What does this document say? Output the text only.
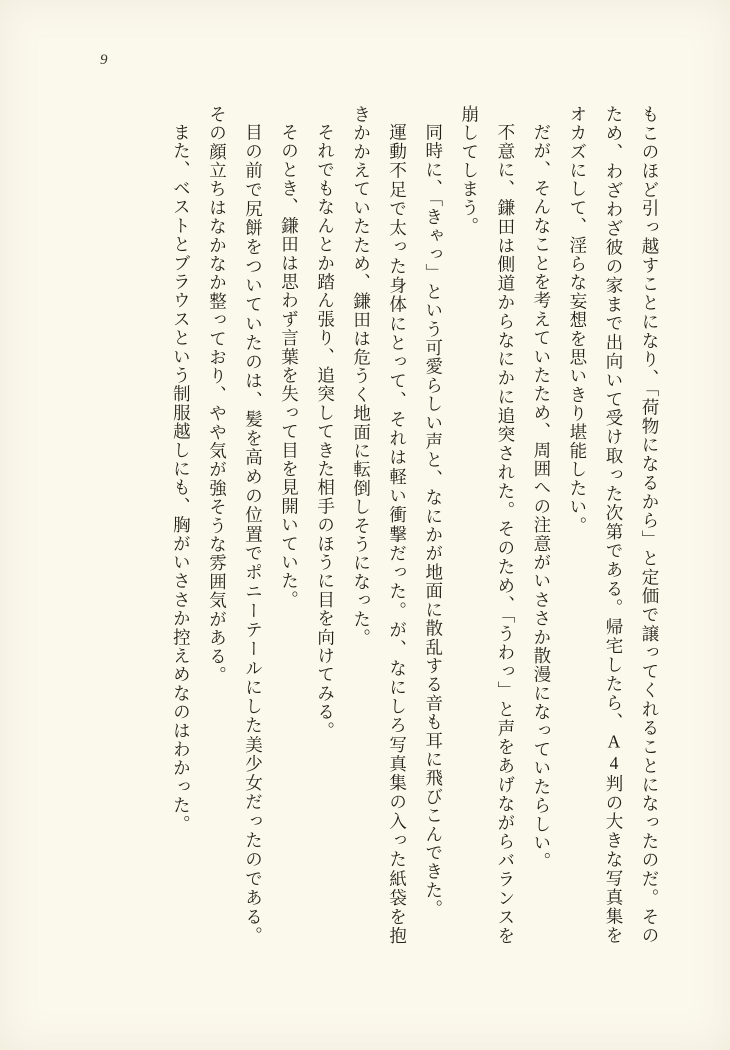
9

もこのほど引っ越すことになり、「荷物になるから」と定価で譲ってくれることになったのだ。そのため、わざわざ彼の家まで出向いて受け取った次第である。帰宅したら、A4判の大きな写真集をオカズにして、淫らな妄想を思いきり堪能したい。

だが、そんなことを考えていたため、周囲への注意がいささか散漫になっていたらしい。

不意に、鎌田は側道からなにかに追突された。そのため、「うわっ」と声をあげながらバランスを崩してしまう。

同時に、「きゃっ」という可愛らしい声と、なにかが地面に散乱する音も耳に飛びこんできた。

運動不足で太った身体にとって、それは軽い衝撃だった。が、なにしろ写真集の入った紙袋を抱きかかえていたため、鎌田は危うく地面に転倒しそうになった。

それでもなんとか踏ん張り、追突してきた相手のほうに目を向けてみる。

そのとき、鎌田は思わず言葉を失って目を見開いていた。

目の前で尻餅をついていたのは、髪を高めの位置でポニーテールにした美少女だったのである。その顔立ちはなかなか整っており、やや気が強そうな雰囲気がある。

また、ベストとブラウスという制服越しにも、胸がいささか控えめなのはわかった。
